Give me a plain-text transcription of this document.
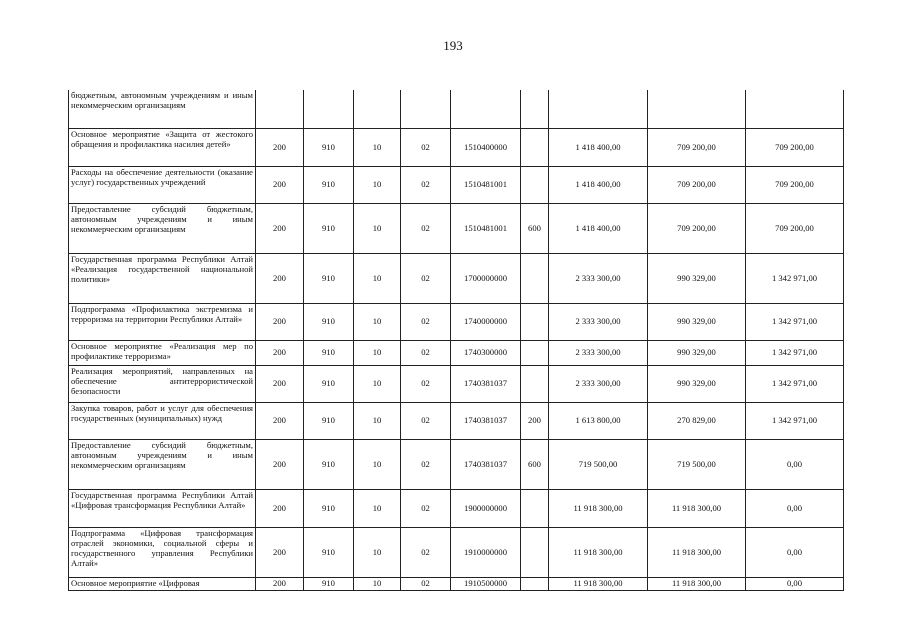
193
бюджетным, автономным учреждениям и иным некоммерческим организациям									
Основное мероприятие «Защита от жестокого обращения и профилактика насилия детей»	200	910	10	02	1510400000		1 418 400,00	709 200,00	709 200,00
Расходы на обеспечение деятельности (оказание услуг) государственных учреждений	200	910	10	02	1510481001		1 418 400,00	709 200,00	709 200,00
Предоставление субсидий бюджетным, автономным учреждениям и иным некоммерческим организациям	200	910	10	02	1510481001	600	1 418 400,00	709 200,00	709 200,00
Государственная программа Республики Алтай «Реализация государственной национальной политики»	200	910	10	02	1700000000		2 333 300,00	990 329,00	1 342 971,00
Подпрограмма «Профилактика экстремизма и терроризма на территории Республики Алтай»	200	910	10	02	1740000000		2 333 300,00	990 329,00	1 342 971,00
Основное мероприятие «Реализация мер по профилактике терроризма»	200	910	10	02	1740300000		2 333 300,00	990 329,00	1 342 971,00
Реализация мероприятий, направленных на обеспечение антитеррористической безопасности	200	910	10	02	1740381037		2 333 300,00	990 329,00	1 342 971,00
Закупка товаров, работ и услуг для обеспечения государственных (муниципальных) нужд	200	910	10	02	1740381037	200	1 613 800,00	270 829,00	1 342 971,00
Предоставление субсидий бюджетным, автономным учреждениям и иным некоммерческим организациям	200	910	10	02	1740381037	600	719 500,00	719 500,00	0,00
Государственная программа Республики Алтай «Цифровая трансформация Республики Алтай»	200	910	10	02	1900000000		11 918 300,00	11 918 300,00	0,00
Подпрограмма «Цифровая трансформация отраслей экономики, социальной сферы и государственного управления Республики Алтай»	200	910	10	02	1910000000		11 918 300,00	11 918 300,00	0,00
Основное мероприятие «Цифровая	200	910	10	02	1910500000		11 918 300,00	11 918 300,00	0,00
